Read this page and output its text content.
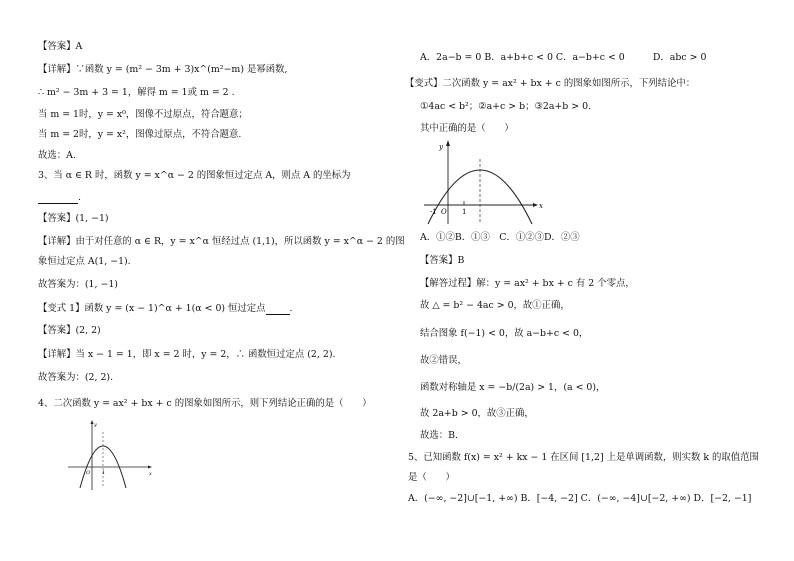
【答案】A
【详解】∵函数 y = (m² − 3m + 3)x^(m²−m) 是幂函数,
∴ m² − 3m + 3 = 1，解得 m = 1或 m = 2 .
当 m = 1时，y = x⁰，图像不过原点，符合题意；
当 m = 2时，y = x²，图像过原点，不符合题意.
故选：A.
3、当 α ∈ R 时，函数 y = x^α − 2 的图象恒过定点 A，则点 A 的坐标为
.
【答案】(1, −1)
【详解】由于对任意的 α ∈ R，y = x^α 恒经过点 (1,1)，所以函数 y = x^α − 2 的图
象恒过定点 A(1, −1).
故答案为：(1, −1)
【变式 1】函数 y = (x − 1)^α + 1(α < 0) 恒过定点	.
【答案】(2, 2)
【详解】当 x − 1 = 1，即 x = 2 时，y = 2，∴ 函数恒过定点 (2, 2).
故答案为：(2, 2).
4、二次函数 y = ax² + bx + c 的图象如图所示，则下列结论正确的是（　　）
x
y
O 1
A．2a−b = 0 B．a+b+c < 0 C．a−b+c < 0　　　D．abc > 0
【变式】二次函数 y = ax² + bx + c 的图象如图所示，下列结论中：
①4ac < b²；②a+c > b；③2a+b > 0.
其中正确的是（　　）
x
y
-1 O 1
A．①②B．①③　C．①②③D．②③
【答案】B
【解答过程】解：y = ax² + bx + c 有 2 个零点，
故 △ = b² − 4ac > 0，故①正确，
结合图象 f(−1) < 0，故 a−b+c < 0，
故②错误，
函数对称轴是 x = −b/(2a) > 1，(a < 0)，
故 2a+b > 0，故③正确，
故选：B.
5、已知函数 f(x) = x² + kx − 1 在区间 [1,2] 上是单调函数，则实数 k 的取值范围
是（　　）
A．(−∞, −2]∪[−1, +∞) B．[−4, −2] C．(−∞, −4]∪[−2, +∞) D．[−2, −1]
